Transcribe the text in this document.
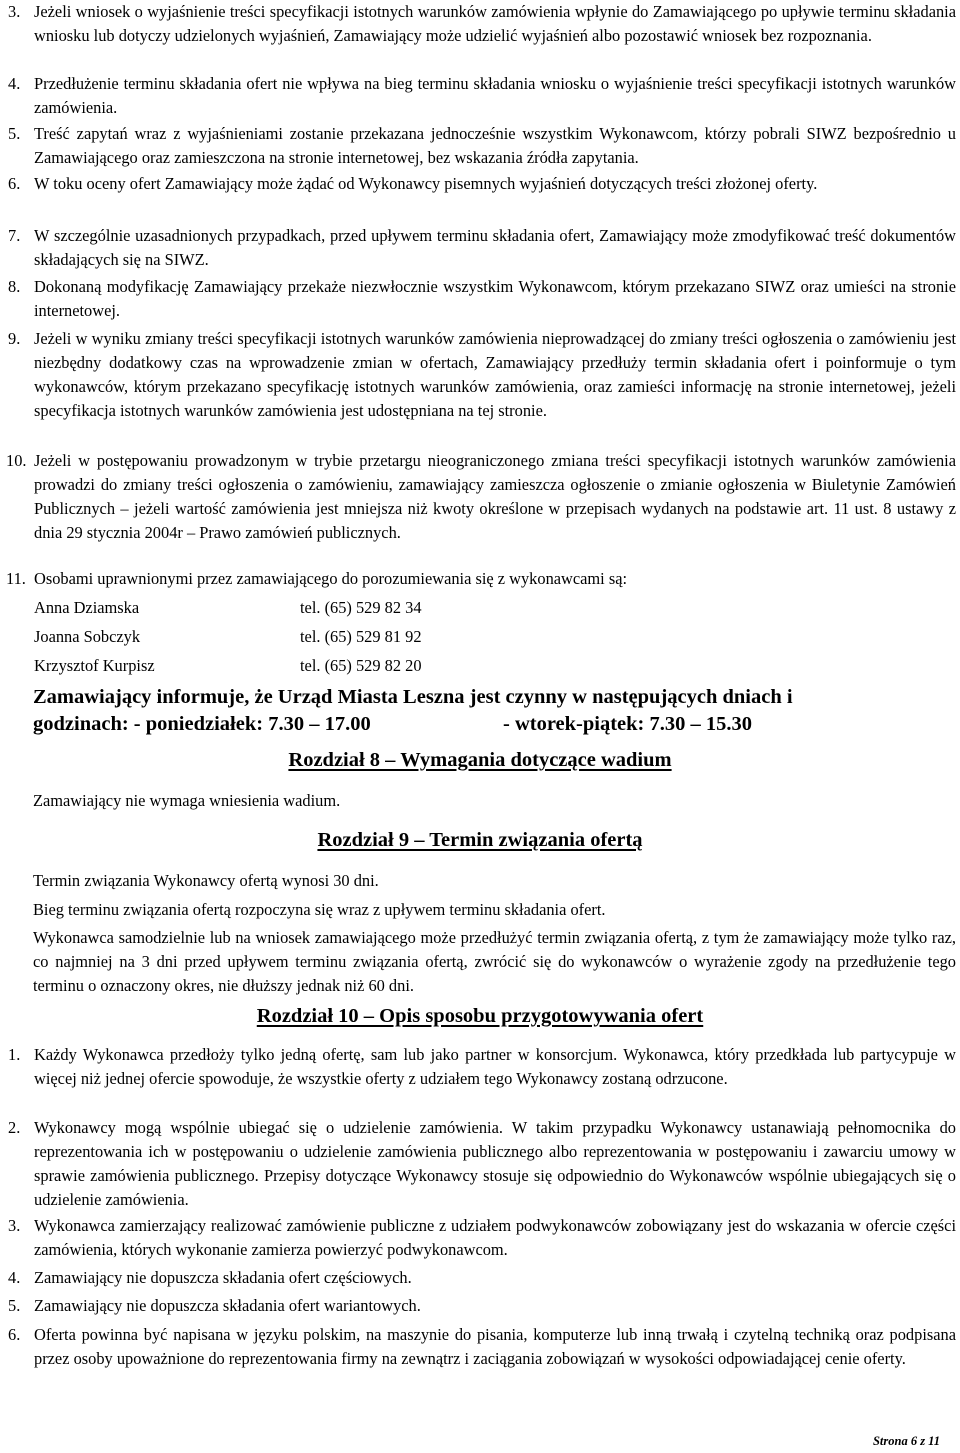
3. Jeżeli wniosek o wyjaśnienie treści specyfikacji istotnych warunków zamówienia wpłynie do Zamawiającego po upływie terminu składania wniosku lub dotyczy udzielonych wyjaśnień, Zamawiający może udzielić wyjaśnień albo pozostawić wniosek bez rozpoznania.
4. Przedłużenie terminu składania ofert nie wpływa na bieg terminu składania wniosku o wyjaśnienie treści specyfikacji istotnych warunków zamówienia.
5. Treść zapytań wraz z wyjaśnieniami zostanie przekazana jednocześnie wszystkim Wykonawcom, którzy pobrali SIWZ bezpośrednio u Zamawiającego oraz zamieszczona na stronie internetowej, bez wskazania źródła zapytania.
6. W toku oceny ofert Zamawiający może żądać od Wykonawcy pisemnych wyjaśnień dotyczących treści złożonej oferty.
7. W szczególnie uzasadnionych przypadkach, przed upływem terminu składania ofert, Zamawiający może zmodyfikować treść dokumentów składających się na SIWZ.
8. Dokonaną modyfikację Zamawiający przekaże niezwłocznie wszystkim Wykonawcom, którym przekazano SIWZ oraz umieści na stronie internetowej.
9. Jeżeli w wyniku zmiany treści specyfikacji istotnych warunków zamówienia nieprowadzącej do zmiany treści ogłoszenia o zamówieniu jest niezbędny dodatkowy czas na wprowadzenie zmian w ofertach, Zamawiający przedłuży termin składania ofert i poinformuje o tym wykonawców, którym przekazano specyfikację istotnych warunków zamówienia, oraz zamieści informację na stronie internetowej, jeżeli specyfikacja istotnych warunków zamówienia jest udostępniana na tej stronie.
10. Jeżeli w postępowaniu prowadzonym w trybie przetargu nieograniczonego zmiana treści specyfikacji istotnych warunków zamówienia prowadzi do zmiany treści ogłoszenia o zamówieniu, zamawiający zamieszcza ogłoszenie o zmianie ogłoszenia w Biuletynie Zamówień Publicznych – jeżeli wartość zamówienia jest mniejsza niż kwoty określone w przepisach wydanych na podstawie art. 11 ust. 8 ustawy z dnia 29 stycznia 2004r – Prawo zamówień publicznych.
11. Osobami uprawnionymi przez zamawiającego do porozumiewania się z wykonawcami są:
Anna Dziamska	tel. (65) 529 82 34
Joanna Sobczyk	tel. (65) 529 81 92
Krzysztof Kurpisz	tel. (65) 529 82 20
Zamawiający informuje, że Urząd Miasta Leszna jest czynny w następujących dniach i
godzinach: - poniedziałek: 7.30 – 17.00	- wtorek-piątek: 7.30 – 15.30
Rozdział 8 – Wymagania dotyczące wadium
Zamawiający nie wymaga wniesienia wadium.
Rozdział 9 – Termin związania ofertą
Termin związania Wykonawcy ofertą wynosi 30 dni.
Bieg terminu związania ofertą rozpoczyna się wraz z upływem terminu składania ofert.
Wykonawca samodzielnie lub na wniosek zamawiającego może przedłużyć termin związania ofertą, z tym że zamawiający może tylko raz, co najmniej na 3 dni przed upływem terminu związania ofertą, zwrócić się do wykonawców o wyrażenie zgody na przedłużenie tego terminu o oznaczony okres, nie dłuższy jednak niż 60 dni.
Rozdział 10 – Opis sposobu przygotowywania ofert
1. Każdy Wykonawca przedłoży tylko jedną ofertę, sam lub jako partner w konsorcjum. Wykonawca, który przedkłada lub partycypuje w więcej niż jednej ofercie spowoduje, że wszystkie oferty z udziałem tego Wykonawcy zostaną odrzucone.
2. Wykonawcy mogą wspólnie ubiegać się o udzielenie zamówienia. W takim przypadku Wykonawcy ustanawiają pełnomocnika do reprezentowania ich w postępowaniu o udzielenie zamówienia publicznego albo reprezentowania w postępowaniu i zawarciu umowy w sprawie zamówienia publicznego. Przepisy dotyczące Wykonawcy stosuje się odpowiednio do Wykonawców wspólnie ubiegających się o udzielenie zamówienia.
3. Wykonawca zamierzający realizować zamówienie publiczne z udziałem podwykonawców zobowiązany jest do wskazania w ofercie części zamówienia, których wykonanie zamierza powierzyć podwykonawcom.
4. Zamawiający nie dopuszcza składania ofert częściowych.
5. Zamawiający nie dopuszcza składania ofert wariantowych.
6. Oferta powinna być napisana w języku polskim, na maszynie do pisania, komputerze lub inną trwałą i czytelną techniką oraz podpisana przez osoby upoważnione do reprezentowania firmy na zewnątrz i zaciągania zobowiązań w wysokości odpowiadającej cenie oferty.
Strona 6 z 11
